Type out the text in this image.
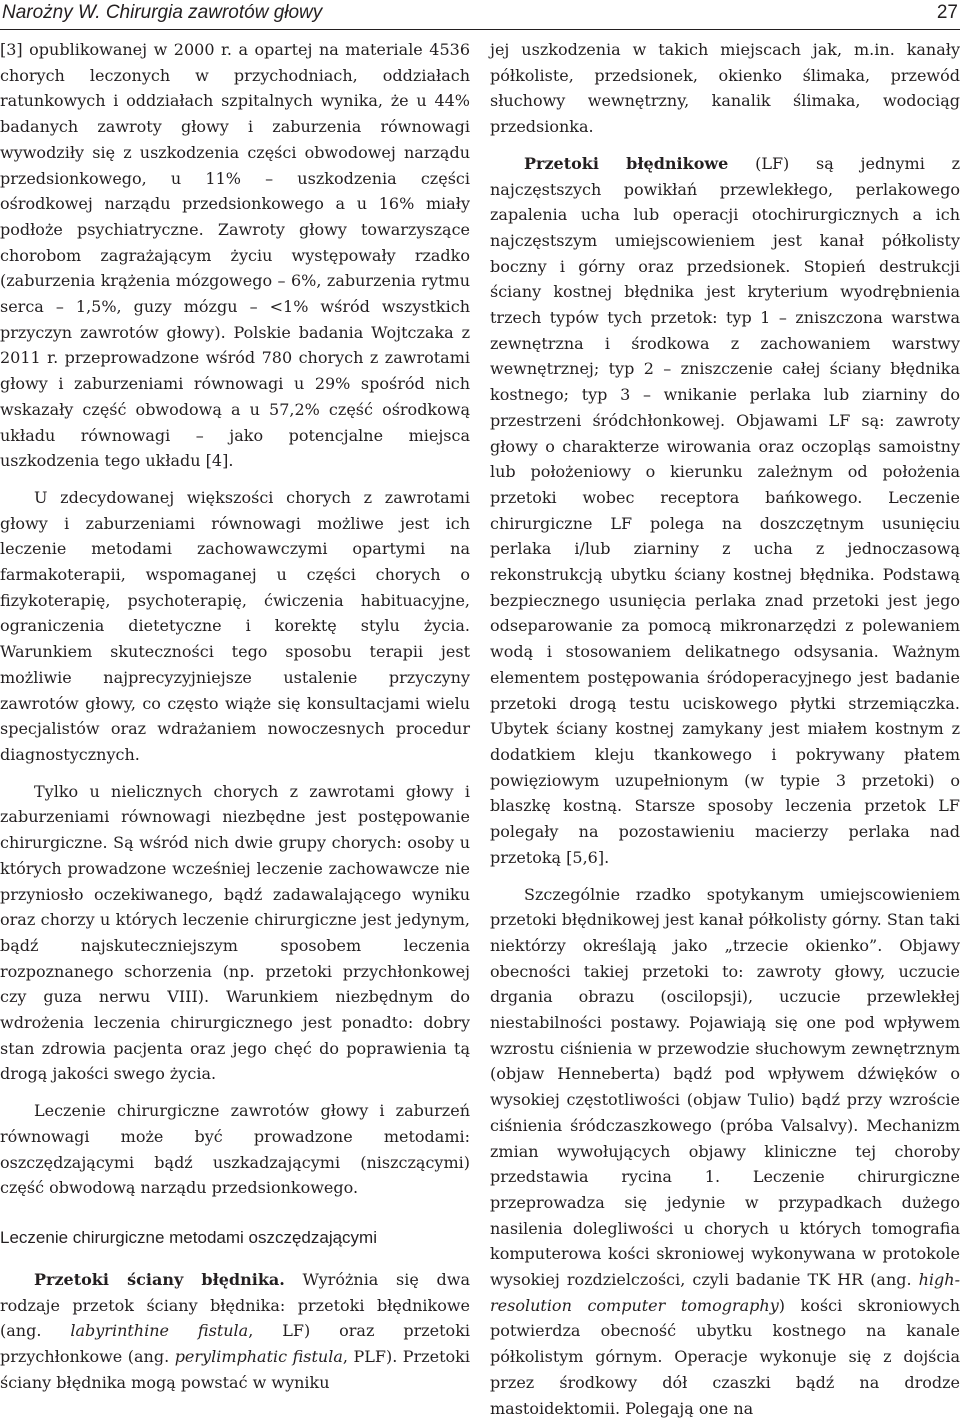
Narożny W. Chirurgia zawrotów głowy	27

[3] opublikowanej w 2000 r. a opartej na materiale 4536 chorych leczonych w przychodniach, oddziałach ratunkowych i oddziałach szpitalnych wynika, że u 44% badanych zawroty głowy i zaburzenia równowagi wywodziły się z uszkodzenia części obwodowej narządu przedsionkowego, u 11% – uszkodzenia części ośrodkowej narządu przedsionkowego a u 16% miały podłoże psychiatryczne. Zawroty głowy towarzyszące chorobom zagrażającym życiu występowały rzadko (zaburzenia krążenia mózgowego – 6%, zaburzenia rytmu serca – 1,5%, guzy mózgu – <1% wśród wszystkich przyczyn zawrotów głowy). Polskie badania Wojtczaka z 2011 r. przeprowadzone wśród 780 chorych z zawrotami głowy i zaburzeniami równowagi u 29% spośród nich wskazały część obwodową a u 57,2% część ośrodkową układu równowagi – jako potencjalne miejsca uszkodzenia tego układu [4].

U zdecydowanej większości chorych z zawrotami głowy i zaburzeniami równowagi możliwe jest ich leczenie metodami zachowawczymi opartymi na farmakoterapii, wspomaganej u części chorych o fizykoterapię, psychoterapię, ćwiczenia habituacyjne, ograniczenia dietetyczne i korektę stylu życia. Warunkiem skuteczności tego sposobu terapii jest możliwie najprecyzyjniejsze ustalenie przyczyny zawrotów głowy, co często wiąże się konsultacjami wielu specjalistów oraz wdrażaniem nowoczesnych procedur diagnostycznych.

Tylko u nielicznych chorych z zawrotami głowy i zaburzeniami równowagi niezbędne jest postępowanie chirurgiczne. Są wśród nich dwie grupy chorych: osoby u których prowadzone wcześniej leczenie zachowawcze nie przyniosło oczekiwanego, bądź zadawalającego wyniku oraz chorzy u których leczenie chirurgiczne jest jedynym, bądź najskuteczniejszym sposobem leczenia rozpoznanego schorzenia (np. przetoki przychłonkowej czy guza nerwu VIII). Warunkiem niezbędnym do wdrożenia leczenia chirurgicznego jest ponadto: dobry stan zdrowia pacjenta oraz jego chęć do poprawienia tą drogą jakości swego życia.

Leczenie chirurgiczne zawrotów głowy i zaburzeń równowagi może być prowadzone metodami: oszczędzającymi bądź uszkadzającymi (niszczącymi) część obwodową narządu przedsionkowego.

Leczenie chirurgiczne metodami oszczędzającymi

Przetoki ściany błędnika. Wyróżnia się dwa rodzaje przetok ściany błędnika: przetoki błędnikowe (ang. labyrinthine fistula, LF) oraz przetoki przychłonkowe (ang. perylimphatic fistula, PLF). Przetoki ściany błędnika mogą powstać w wyniku

jej uszkodzenia w takich miejscach jak, m.in. kanały półkoliste, przedsionek, okienko ślimaka, przewód słuchowy wewnętrzny, kanalik ślimaka, wodociąg przedsionka.

Przetoki błędnikowe (LF) są jednymi z najczęstszych powikłań przewlekłego, perlakowego zapalenia ucha lub operacji otochirurgicznych a ich najczęstszym umiejscowieniem jest kanał półkolisty boczny i górny oraz przedsionek. Stopień destrukcji ściany kostnej błędnika jest kryterium wyodrębnienia trzech typów tych przetok: typ 1 – zniszczona warstwa zewnętrzna i środkowa z zachowaniem warstwy wewnętrznej; typ 2 – zniszczenie całej ściany błędnika kostnego; typ 3 – wnikanie perlaka lub ziarniny do przestrzeni śródchłonkowej. Objawami LF są: zawroty głowy o charakterze wirowania oraz oczopląs samoistny lub położeniowy o kierunku zależnym od położenia przetoki wobec receptora bańkowego. Leczenie chirurgiczne LF polega na doszczętnym usunięciu perlaka i/lub ziarniny z ucha z jednoczasową rekonstrukcją ubytku ściany kostnej błędnika. Podstawą bezpiecznego usunięcia perlaka znad przetoki jest jego odseparowanie za pomocą mikronarzędzi z polewaniem wodą i stosowaniem delikatnego odsysania. Ważnym elementem postępowania śródoperacyjnego jest badanie przetoki drogą testu uciskowego płytki strzemiączka. Ubytek ściany kostnej zamykany jest miałem kostnym z dodatkiem kleju tkankowego i pokrywany płatem powięziowym uzupełnionym (w typie 3 przetoki) o blaszkę kostną. Starsze sposoby leczenia przetok LF polegały na pozostawieniu macierzy perlaka nad przetoką [5,6].

Szczególnie rzadko spotykanym umiejscowieniem przetoki błędnikowej jest kanał półkolisty górny. Stan taki niektórzy określają jako „trzecie okienko”. Objawy obecności takiej przetoki to: zawroty głowy, uczucie drgania obrazu (oscilopsji), uczucie przewlekłej niestabilności postawy. Pojawiają się one pod wpływem wzrostu ciśnienia w przewodzie słuchowym zewnętrznym (objaw Henneberta) bądź pod wpływem dźwięków o wysokiej częstotliwości (objaw Tulio) bądź przy wzroście ciśnienia śródczaszkowego (próba Valsalvy). Mechanizm zmian wywołujących objawy kliniczne tej choroby przedstawia rycina 1. Leczenie chirurgiczne przeprowadza się jedynie w przypadkach dużego nasilenia dolegliwości u chorych u których tomografia komputerowa kości skroniowej wykonywana w protokole wysokiej rozdzielczości, czyli badanie TK HR (ang. high-resolution computer tomography) kości skroniowych potwierdza obecność ubytku kostnego na kanale półkolistym górnym. Operacje wykonuje się z dojścia przez środkowy dół czaszki bądź na drodze mastoidektomii. Polegają one na
